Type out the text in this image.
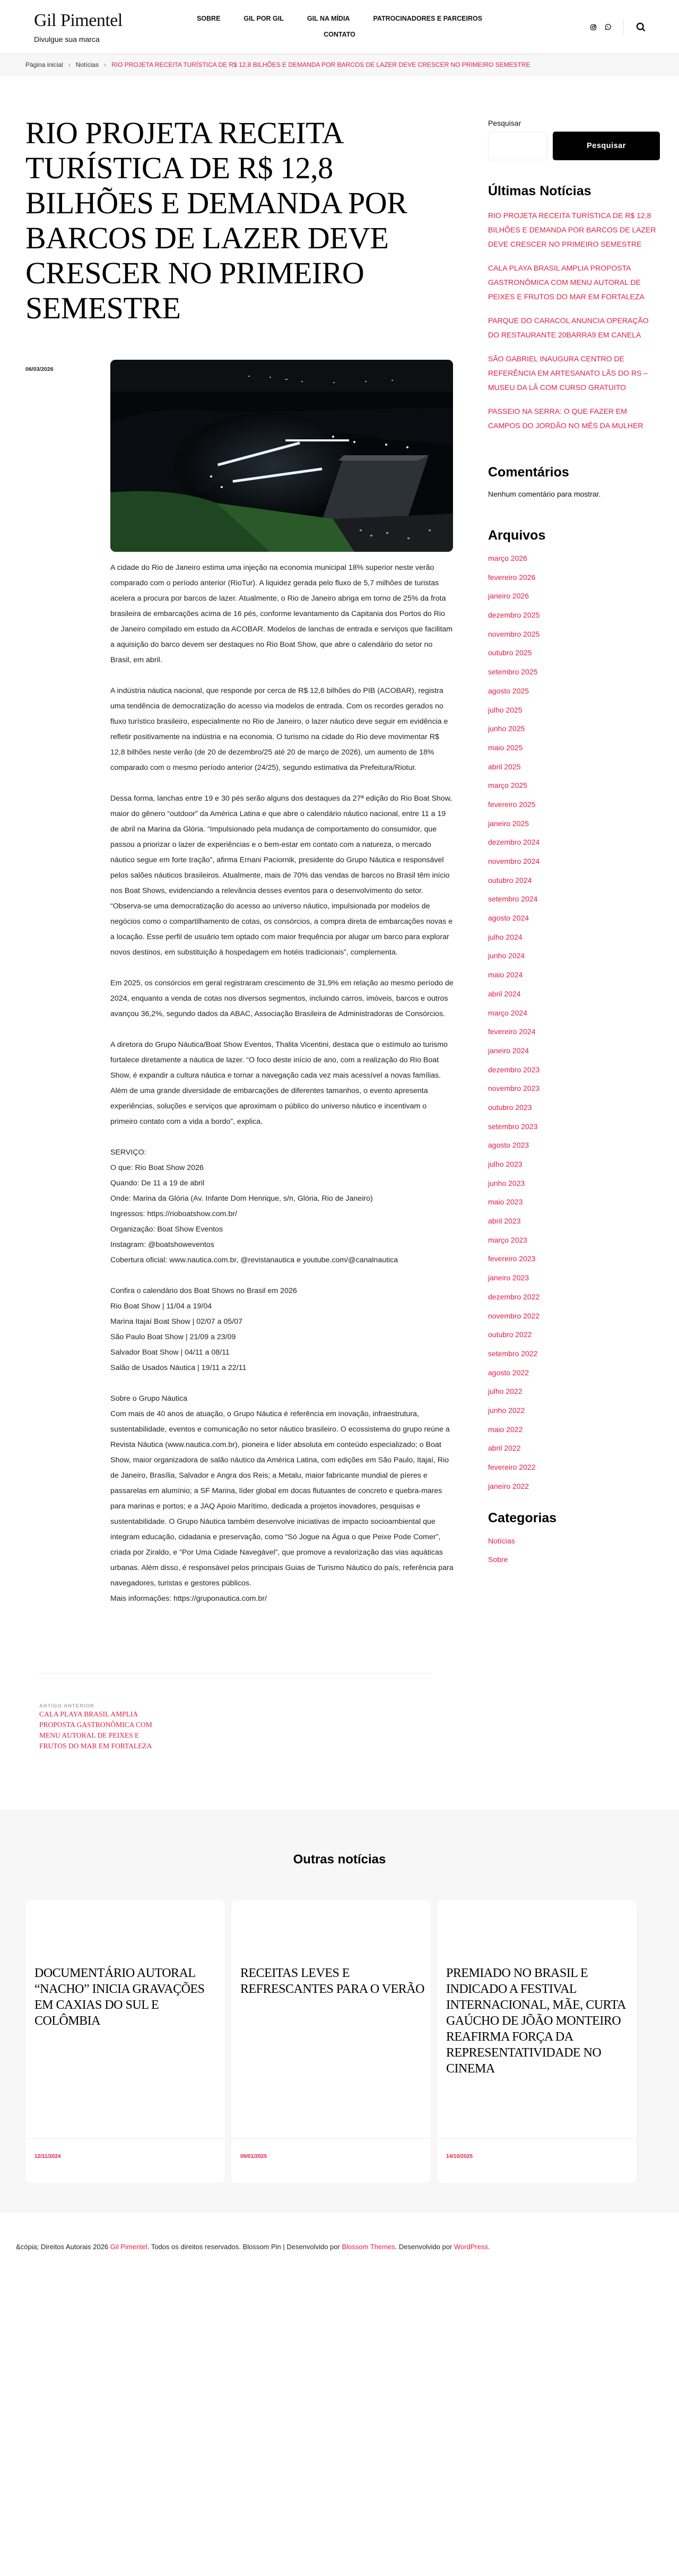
Gil Pimentel
Divulgue sua marca
SOBRE	GIL POR GIL	GIL NA MÍDIA	PATROCINADORES E PARCEIROS
CONTATO
Página inicial › Notícias › RIO PROJETA RECEITA TURÍSTICA DE R$ 12,8 BILHÕES E DEMANDA POR BARCOS DE LAZER DEVE CRESCER NO PRIMEIRO SEMESTRE
RIO PROJETA RECEITA TURÍSTICA DE R$ 12,8 BILHÕES E DEMANDA POR BARCOS DE LAZER DEVE CRESCER NO PRIMEIRO SEMESTRE
06/03/2026

A cidade do Rio de Janeiro estima uma injeção na economia municipal 18% superior neste verão comparado com o período anterior (RioTur). A liquidez gerada pelo fluxo de 5,7 milhões de turistas acelera a procura por barcos de lazer. Atualmente, o Rio de Janeiro abriga em torno de 25% da frota brasileira de embarcações acima de 16 pés, conforme levantamento da Capitania dos Portos do Rio de Janeiro compilado em estudo da ACOBAR. Modelos de lanchas de entrada e serviços que facilitam a aquisição do barco devem ser destaques no Rio Boat Show, que abre o calendário do setor no Brasil, em abril.

A indústria náutica nacional, que responde por cerca de R$ 12,6 bilhões do PIB (ACOBAR), registra uma tendência de democratização do acesso via modelos de entrada. Com os recordes gerados no fluxo turístico brasileiro, especialmente no Rio de Janeiro, o lazer náutico deve seguir em evidência e refletir positivamente na indústria e na economia. O turismo na cidade do Rio deve movimentar R$ 12,8 bilhões neste verão (de 20 de dezembro/25 até 20 de março de 2026), um aumento de 18% comparado com o mesmo período anterior (24/25), segundo estimativa da Prefeitura/Riotur.

Dessa forma, lanchas entre 19 e 30 pés serão alguns dos destaques da 27ª edição do Rio Boat Show, maior do gênero “outdoor” da América Latina e que abre o calendário náutico nacional, entre 11 a 19 de abril na Marina da Glória. “Impulsionado pela mudança de comportamento do consumidor, que passou a priorizar o lazer de experiências e o bem-estar em contato com a natureza, o mercado náutico segue em forte tração”, afirma Ernani Paciornik, presidente do Grupo Náutica e responsável pelos salões náuticos brasileiros. Atualmente, mais de 70% das vendas de barcos no Brasil têm início nos Boat Shows, evidenciando a relevância desses eventos para o desenvolvimento do setor. “Observa-se uma democratização do acesso ao universo náutico, impulsionada por modelos de negócios como o compartilhamento de cotas, os consórcios, a compra direta de embarcações novas e a locação. Esse perfil de usuário tem optado com maior frequência por alugar um barco para explorar novos destinos, em substituição à hospedagem em hotéis tradicionais”, complementa.

Em 2025, os consórcios em geral registraram crescimento de 31,9% em relação ao mesmo período de 2024, enquanto a venda de cotas nos diversos segmentos, incluindo carros, imóveis, barcos e outros avançou 36,2%, segundo dados da ABAC, Associação Brasileira de Administradoras de Consórcios.

A diretora do Grupo Náutica/Boat Show Eventos, Thalita Vicentini, destaca que o estímulo ao turismo fortalece diretamente a náutica de lazer. “O foco deste início de ano, com a realização do Rio Boat Show, é expandir a cultura náutica e tornar a navegação cada vez mais acessível a novas famílias. Além de uma grande diversidade de embarcações de diferentes tamanhos, o evento apresenta experiências, soluções e serviços que aproximam o público do universo náutico e incentivam o primeiro contato com a vida a bordo”, explica.

SERVIÇO:
O que: Rio Boat Show 2026
Quando: De 11 a 19 de abril
Onde: Marina da Glória (Av. Infante Dom Henrique, s/n, Glória, Rio de Janeiro)
Ingressos: https://rioboatshow.com.br/
Organização: Boat Show Eventos
Instagram: @boatshoweventos
Cobertura oficial: www.nautica.com.br, @revistanautica e youtube.com/@canalnautica

Confira o calendário dos Boat Shows no Brasil em 2026
Rio Boat Show | 11/04 a 19/04
Marina Itajaí Boat Show | 02/07 a 05/07
São Paulo Boat Show | 21/09 a 23/09
Salvador Boat Show | 04/11 a 08/11
Salão de Usados Náutica | 19/11 a 22/11

Sobre o Grupo Náutica
Com mais de 40 anos de atuação, o Grupo Náutica é referência em inovação, infraestrutura, sustentabilidade, eventos e comunicação no setor náutico brasileiro. O ecossistema do grupo reúne a Revista Náutica (www.nautica.com.br), pioneira e líder absoluta em conteúdo especializado; o Boat Show, maior organizadora de salão náutico da América Latina, com edições em São Paulo, Itajaí, Rio de Janeiro, Brasília, Salvador e Angra dos Reis; a Metalu, maior fabricante mundial de píeres e passarelas em alumínio; a SF Marina, líder global em docas flutuantes de concreto e quebra-mares para marinas e portos; e a JAQ Apoio Marítimo, dedicada a projetos inovadores, pesquisas e sustentabilidade. O Grupo Náutica também desenvolve iniciativas de impacto socioambiental que integram educação, cidadania e preservação, como “Só Jogue na Água o que Peixe Pode Comer”, criada por Ziraldo, e “Por Uma Cidade Navegável”, que promove a revalorização das vias aquáticas urbanas. Além disso, é responsável pelos principais Guias de Turismo Náutico do país, referência para navegadores, turistas e gestores públicos.
Mais informações: https://gruponautica.com.br/

ARTIGO ANTERIOR
CALA PLAYA BRASIL AMPLIA PROPOSTA GASTRONÔMICA COM MENU AUTORAL DE PEIXES E FRUTOS DO MAR EM FORTALEZA
Pesquisar
Pesquisar
Últimas Notícias
RIO PROJETA RECEITA TURÍSTICA DE R$ 12,8 BILHÕES E DEMANDA POR BARCOS DE LAZER DEVE CRESCER NO PRIMEIRO SEMESTRE
CALA PLAYA BRASIL AMPLIA PROPOSTA GASTRONÔMICA COM MENU AUTORAL DE PEIXES E FRUTOS DO MAR EM FORTALEZA
PARQUE DO CARACOL ANUNCIA OPERAÇÃO DO RESTAURANTE 20BARRA9 EM CANELA
SÃO GABRIEL INAUGURA CENTRO DE REFERÊNCIA EM ARTESANATO LÃS DO RS – MUSEU DA LÃ COM CURSO GRATUITO
PASSEIO NA SERRA: O QUE FAZER EM CAMPOS DO JORDÃO NO MÊS DA MULHER
Comentários
Nenhum comentário para mostrar.
Arquivos
março 2026
fevereiro 2026
janeiro 2026
dezembro 2025
novembro 2025
outubro 2025
setembro 2025
agosto 2025
julho 2025
junho 2025
maio 2025
abril 2025
março 2025
fevereiro 2025
janeiro 2025
dezembro 2024
novembro 2024
outubro 2024
setembro 2024
agosto 2024
julho 2024
junho 2024
maio 2024
abril 2024
março 2024
fevereiro 2024
janeiro 2024
dezembro 2023
novembro 2023
outubro 2023
setembro 2023
agosto 2023
julho 2023
junho 2023
maio 2023
abril 2023
março 2023
fevereiro 2023
janeiro 2023
dezembro 2022
novembro 2022
outubro 2022
setembro 2022
agosto 2022
julho 2022
junho 2022
maio 2022
abril 2022
fevereiro 2022
janeiro 2022
Categorias
Notícias
Sobre
Outras notícias
DOCUMENTÁRIO AUTORAL “NACHO” INICIA GRAVAÇÕES EM CAXIAS DO SUL E COLÔMBIA
12/11/2024
RECEITAS LEVES E REFRESCANTES PARA O VERÃO
09/01/2025
PREMIADO NO BRASIL E INDICADO A FESTIVAL INTERNACIONAL, MÃE, CURTA GAÚCHO DE JÕÃO MONTEIRO REAFIRMA FORÇA DA REPRESENTATIVIDADE NO CINEMA
14/10/2025
&cópia; Direitos Autorais 2026 Gil Pimentel. Todos os direitos reservados. Blossom Pin | Desenvolvido por Blossom Themes. Desenvolvido por WordPress.
